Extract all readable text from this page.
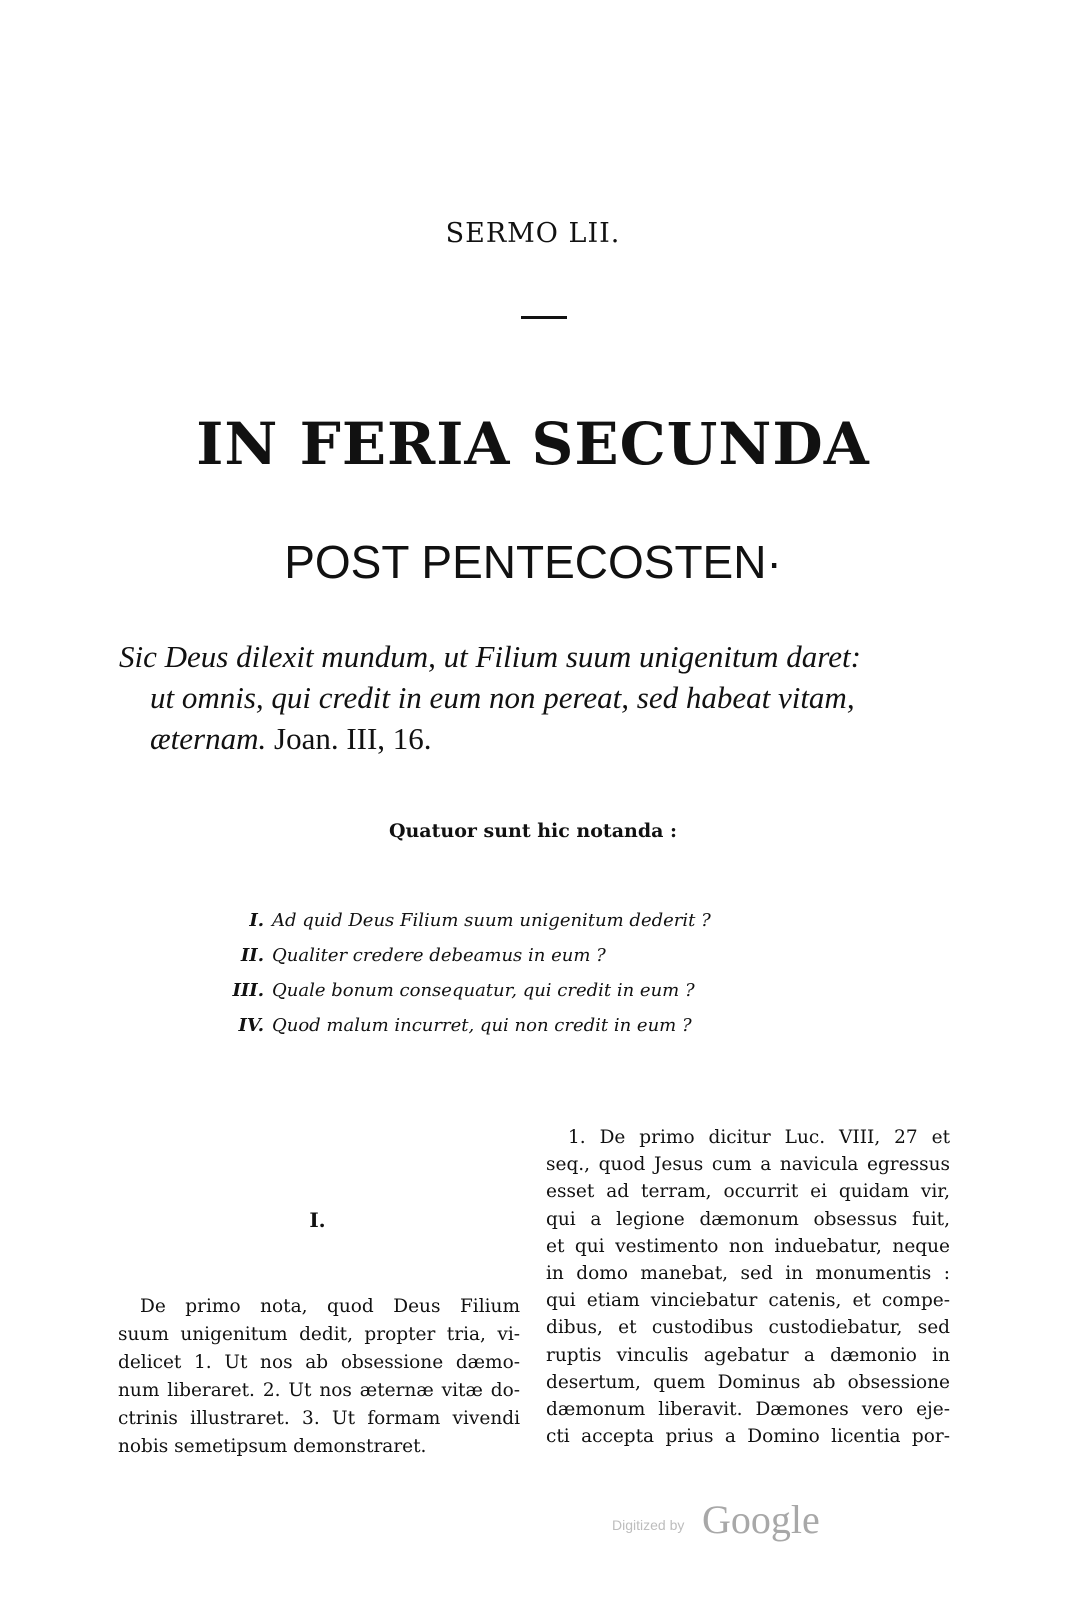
SERMO LII.
IN FERIA SECUNDA
POST PENTECOSTEN·
Sic Deus dilexit mundum, ut Filium suum unigenitum daret:
ut omnis, qui credit in eum non pereat, sed habeat vitam,
æternam. Joan. III, 16.
Quatuor sunt hic notanda :
I. Ad quid Deus Filium suum unigenitum dederit ?
II. Qualiter credere debeamus in eum ?
III. Quale bonum consequatur, qui credit in eum ?
IV. Quod malum incurret, qui non credit in eum ?
I.
De primo nota, quod Deus Filium
suum unigenitum dedit, propter tria, vi-
delicet 1. Ut nos ab obsessione dæmo-
num liberaret. 2. Ut nos æternæ vitæ do-
ctrinis illustraret. 3. Ut formam vivendi
nobis semetipsum demonstraret.
1. De primo dicitur Luc. VIII, 27 et
seq., quod Jesus cum a navicula egressus
esset ad terram, occurrit ei quidam vir,
qui a legione dæmonum obsessus fuit,
et qui vestimento non induebatur, neque
in domo manebat, sed in monumentis :
qui etiam vinciebatur catenis, et compe-
dibus, et custodibus custodiebatur, sed
ruptis vinculis agebatur a dæmonio in
desertum, quem Dominus ab obsessione
dæmonum liberavit. Dæmones vero eje-
cti accepta prius a Domino licentia por-
Digitized by Google
